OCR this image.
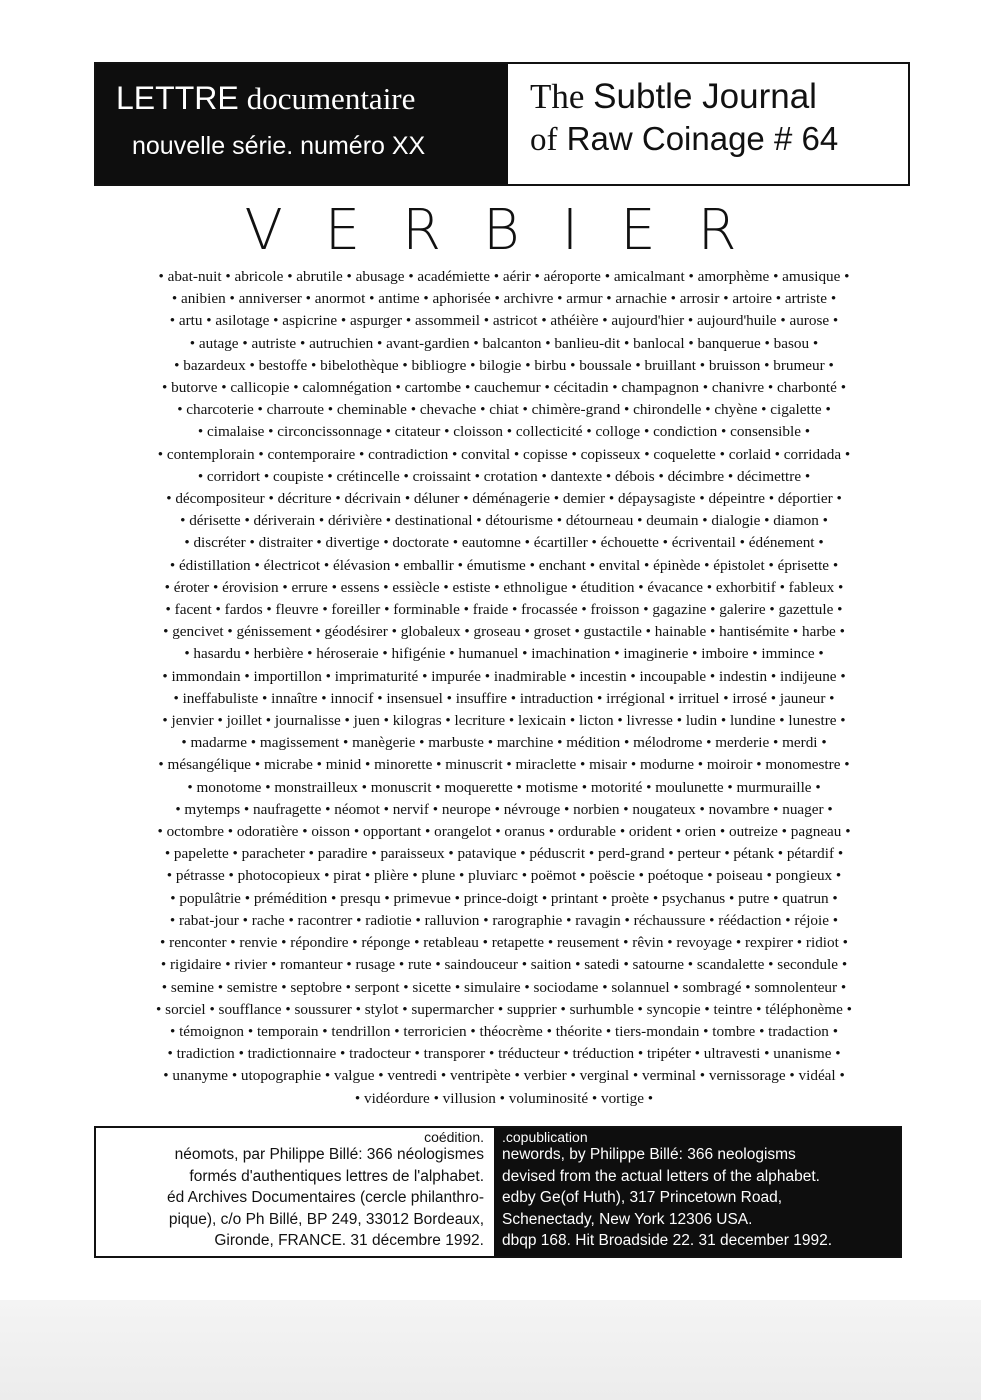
LETTRE documentaire
nouvelle série. numéro XX
The Subtle Journal
of Raw Coinage # 64
VERBIER
• abat-nuit • abricole • abrutile • abusage • académiette • aérir • aéroporte • amicalmant • amorphème • amusique •
• anibien • anniverser • anormot • antime • aphorisée • archivre • armur • arnachie • arrosir • artoire • artriste •
• artu • asilotage • aspicrine • aspurger • assommeil • astricot • athéière • aujourd'hier • aujourd'huile • aurose •
• autage • autriste • autruchien • avant-gardien • balcanton • banlieu-dit • banlocal • banquerue • basou •
• bazardeux • bestoffe • bibelothèque • bibliogre • bilogie • birbu • boussale • bruillant • bruisson • brumeur •
• butorve • callicopie • calomnégation • cartombe • cauchemur • cécitadin • champagnon • chanivre • charbonté •
• charcoterie • charroute • cheminable • chevache • chiat • chimère-grand • chirondelle • chyène • cigalette •
• cimalaise • circoncissonnage • citateur • cloisson • collecticité • colloge • condiction • consensible •
• contemplorain • contemporaire • contradiction • convital • copisse • copisseux • coquelette • corlaid • corridada •
• corridort • coupiste • crétincelle • croissaint • crotation • dantexte • débois • décimbre • décimettre •
• décompositeur • décriture • décrivain • déluner • déménagerie • demier • dépaysagiste • dépeintre • déportier •
• dérisette • dériverain • dérivière • destinational • détourisme • détourneau • deumain • dialogie • diamon •
• discréter • distraiter • divertige • doctorate • eautomne • écartiller • échouette • écriventail • édénement •
• édistillation • électricot • élévasion • emballir • émutisme • enchant • envital • épinède • épistolet • éprisette •
• éroter • érovision • errure • essens • essiècle • estiste • ethnoligue • étudition • évacance • exhorbitif • fableux •
• facent • fardos • fleuvre • foreiller • forminable • fraide • frocassée • froisson • gagazine • galerire • gazettule •
• gencivet • génissement • géodésirer • globaleux • groseau • groset • gustactile • hainable • hantisémite • harbe •
• hasardu • herbière • héroseraie • hifigénie • humanuel • imachination • imaginerie • imboire • immince •
• immondain • importillon • imprimaturité • impurée • inadmirable • incestin • incoupable • indestin • indijeune •
• ineffabuliste • innaître • innocif • insensuel • insuffire • intraduction • irrégional • irrituel • irrosé • jauneur •
• jenvier • joillet • journalisse • juen • kilogras • lecriture • lexicain • licton • livresse • ludin • lundine • lunestre •
• madarme • magissement • manègerie • marbuste • marchine • médition • mélodrome • merderie • merdi •
• mésangélique • micrabe • minid • minorette • minuscrit • miraclette • misair • modurne • moiroir • monomestre •
• monotome • monstrailleux • monuscrit • moquerette • motisme • motorité • moulunette • murmuraille •
• mytemps • naufragette • néomot • nervif • neurope • névrouge • norbien • nougateux • novambre • nuager •
• octombre • odoratière • oisson • opportant • orangelot • oranus • ordurable • orident • orien • outreize • pagneau •
• papelette • paracheter • paradire • paraisseux • patavique • péduscrit • perd-grand • perteur • pétank • pétardif •
• pétrasse • photocopieux • pirat • plière • plune • pluviarc • poëmot • poëscie • poétoque • poiseau • pongieux •
• populâtrie • prémédition • presqu • primevue • prince-doigt • printant • proète • psychanus • putre • quatrun •
• rabat-jour • rache • racontrer • radiotie • ralluvion • rarographie • ravagin • réchaussure • réédaction • réjoie •
• renconter • renvie • répondire • réponge • retableau • retapette • reusement • rêvin • revoyage • rexpirer • ridiot •
• rigidaire • rivier • romanteur • rusage • rute • saindouceur • saition • satedi • satourne • scandalette • secondule •
• semine • semistre • septobre • serpont • sicette • simulaire • sociodame • solannuel • sombragé • somnolenteur •
• sorciel • soufflance • soussurer • stylot • supermarcher • supprier • surhumble • syncopie • teintre • téléphonème •
• témoignon • temporain • tendrillon • terroricien • théocrème • théorite • tiers-mondain • tombre • tradaction •
• tradiction • tradictionnaire • tradocteur • transporer • tréducteur • tréduction • tripéter • ultravesti • unanisme •
• unanyme • utopographie • valgue • ventredi • ventripète • verbier • verginal • verminal • vernissorage • vidéal •
• vidéordure • villusion • voluminosité • vortige •
coédition.
néomots, par Philippe Billé: 366 néologismes
formés d'authentiques lettres de l'alphabet.
éd Archives Documentaires (cercle philanthro-
pique), c/o Ph Billé, BP 249, 33012 Bordeaux,
Gironde, FRANCE. 31 décembre 1992.
.copublication
newords, by Philippe Billé: 366 neologisms
devised from the actual letters of the alphabet.
edby Ge(of Huth), 317 Princetown Road,
Schenectady, New York 12306 USA.
dbqp 168. Hit Broadside 22. 31 december 1992.
